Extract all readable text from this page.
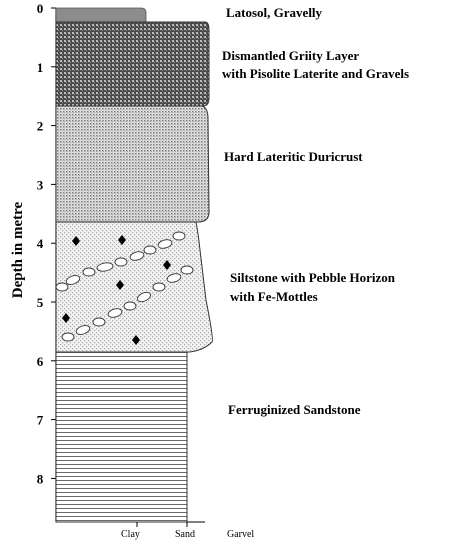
0
1
2
3
4
5
6
7
8
Depth in metre
Latosol, Gravelly
Dismantled Griity Layer
with Pisolite Laterite and Gravels
Hard Lateritic Duricrust
Siltstone with Pebble Horizon
with Fe-Mottles
Ferruginized Sandstone
Clay	Sand	Garvel
